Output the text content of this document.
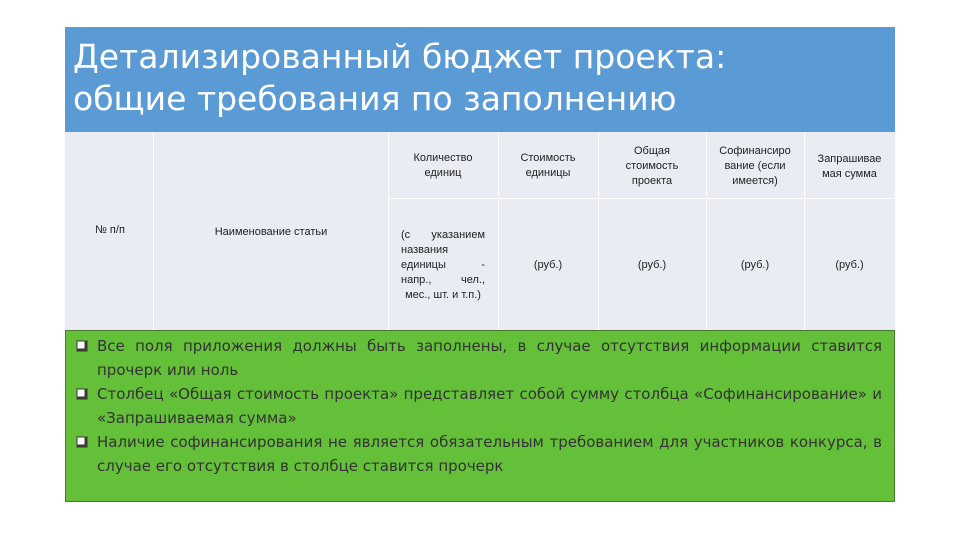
Детализированный бюджет проекта:
общие требования по заполнению
№ п/п	Наименование статьи
Количество единиц
(с указанием названия единицы - напр., чел., мес., шт. и т.п.)
Стоимость единицы
(руб.)
Общая стоимость проекта
(руб.)
Софинансиро вание (если имеется)
(руб.)
Запрашивае мая сумма
(руб.)
Все поля приложения должны быть заполнены, в случае отсутствия информации ставится прочерк или ноль
Столбец «Общая стоимость проекта» представляет собой сумму столбца «Софинансирование» и «Запрашиваемая сумма»
Наличие софинансирования не является обязательным требованием для участников конкурса, в случае его отсутствия в столбце ставится прочерк
